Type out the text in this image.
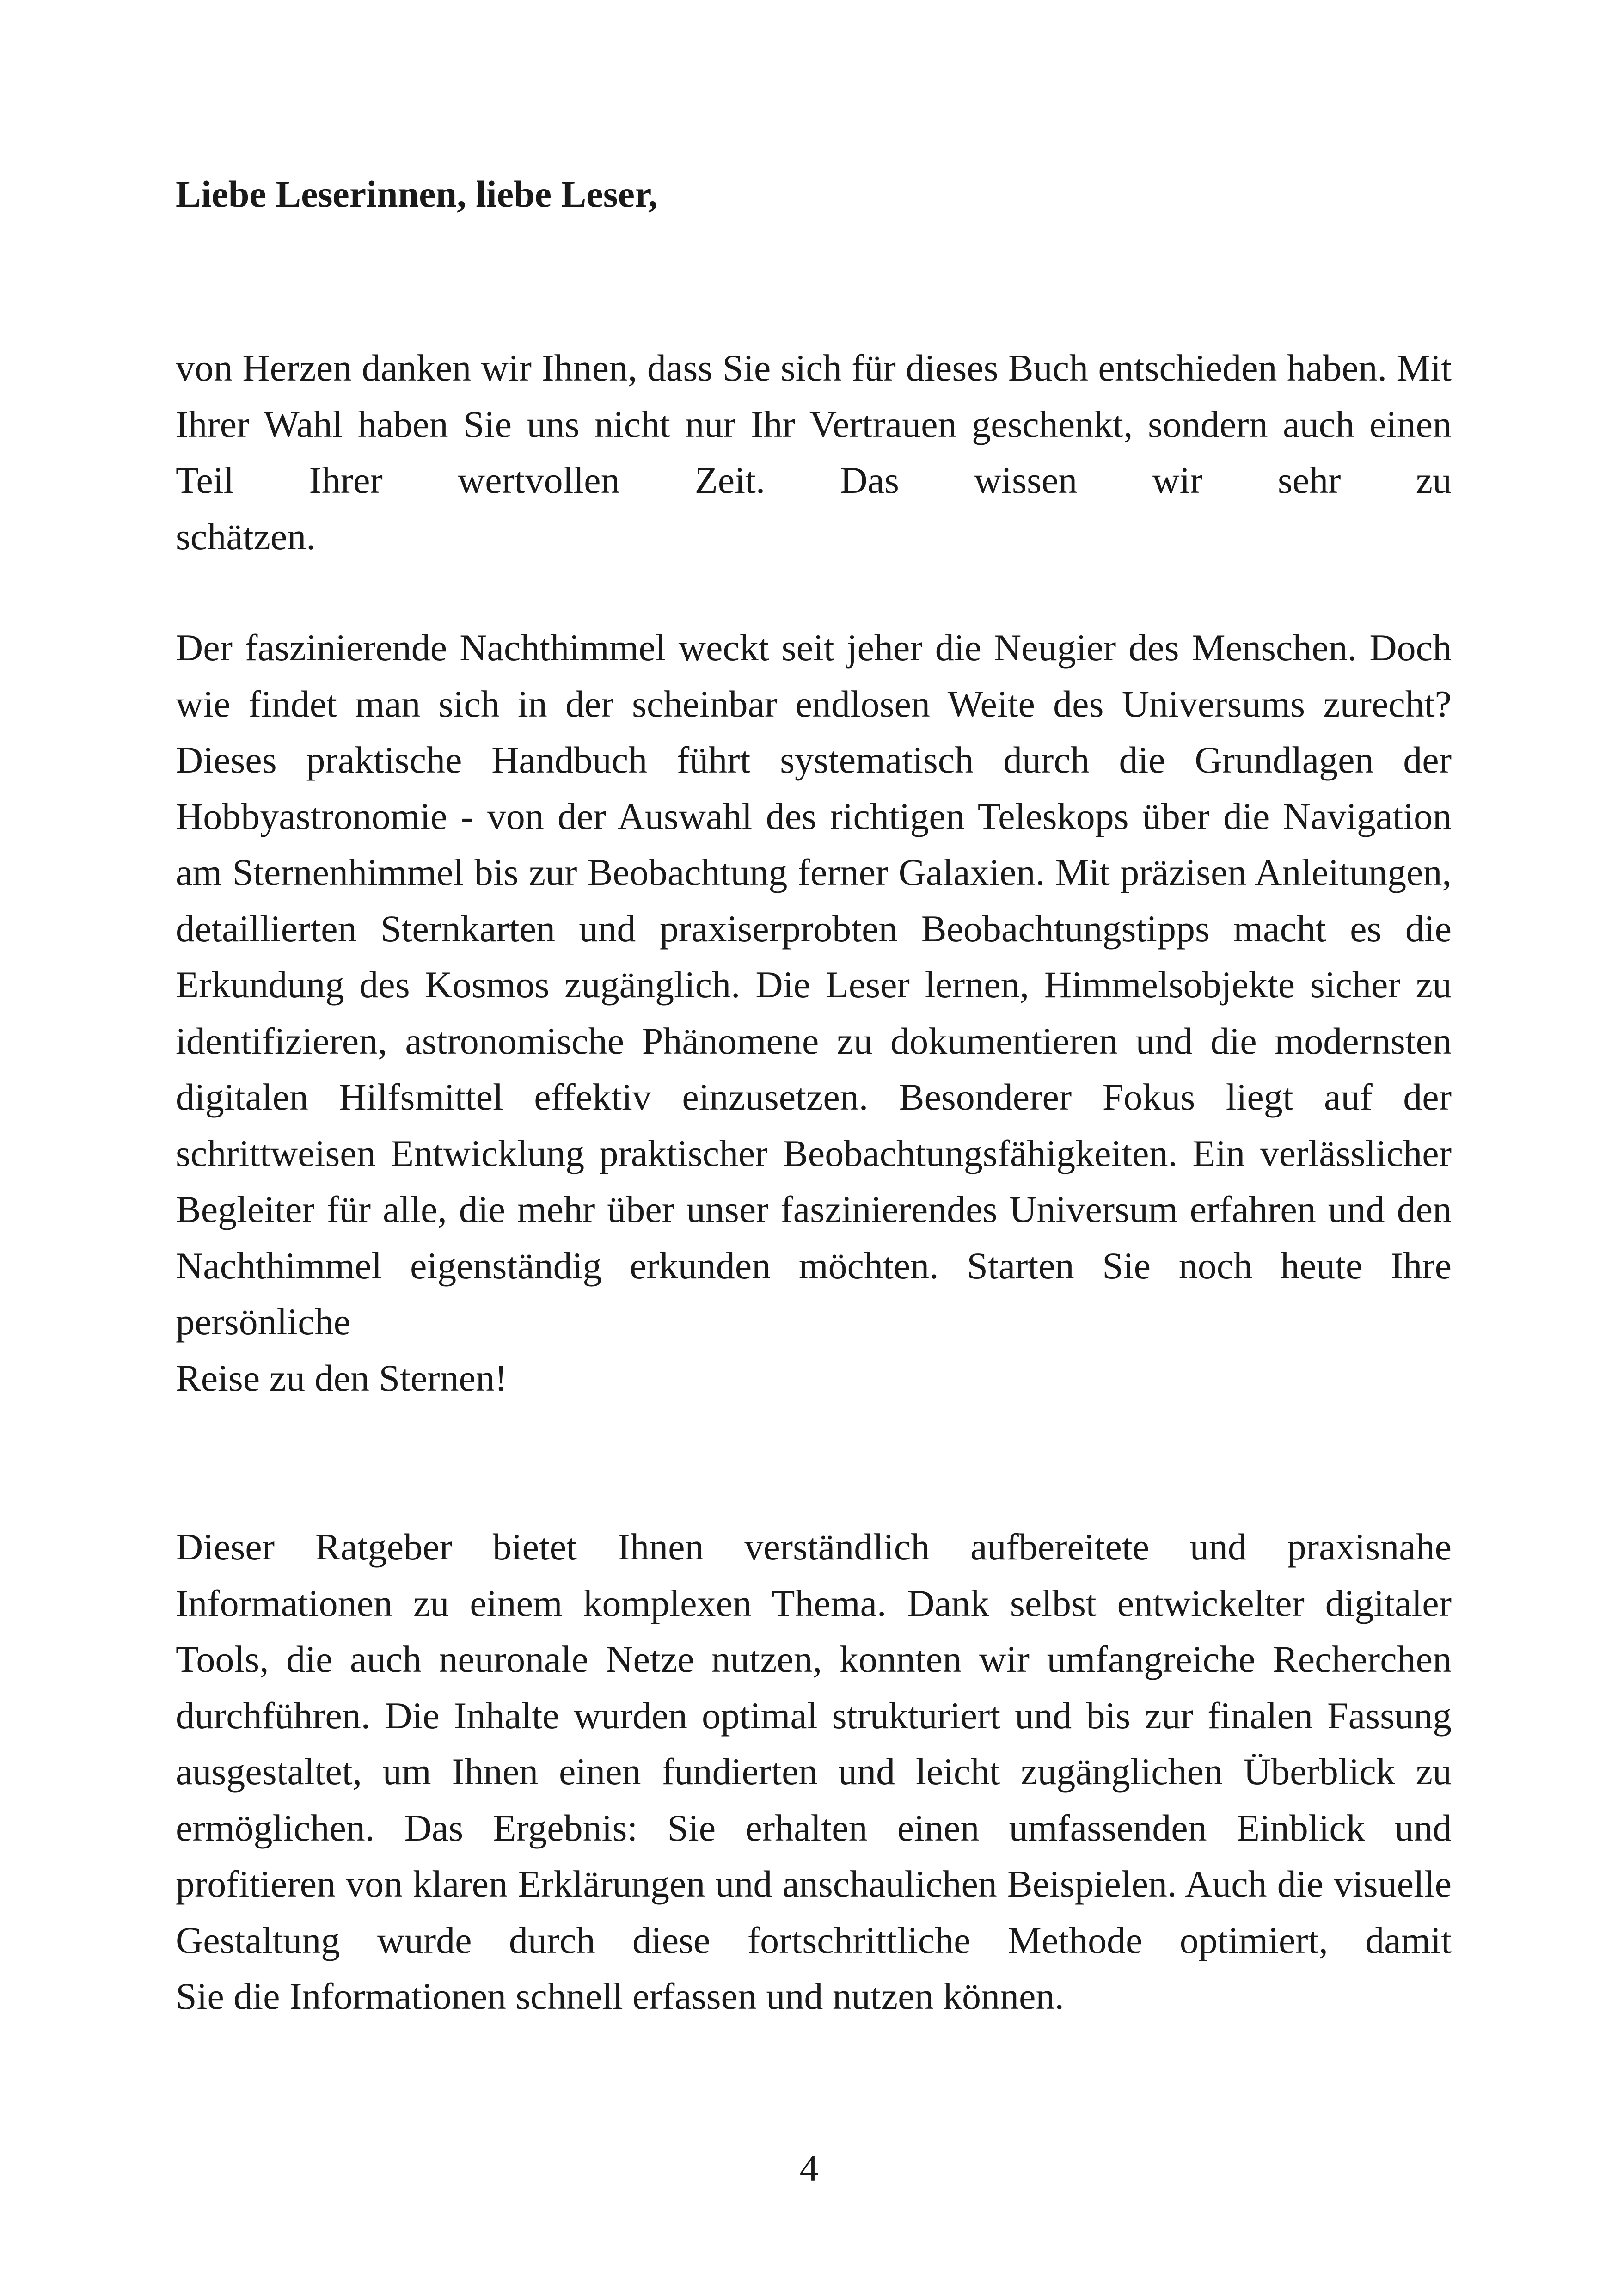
Liebe Leserinnen, liebe Leser,

von Herzen danken wir Ihnen, dass Sie sich für dieses Buch entschieden haben. Mit Ihrer Wahl haben Sie uns nicht nur Ihr Vertrauen geschenkt, sondern auch einen Teil Ihrer wertvollen Zeit. Das wissen wir sehr zu
schätzen.

Der faszinierende Nachthimmel weckt seit jeher die Neugier des Menschen. Doch wie findet man sich in der scheinbar endlosen Weite des Universums zurecht? Dieses praktische Handbuch führt systematisch durch die Grundlagen der Hobbyastronomie - von der Auswahl des richtigen Teleskops über die Navigation am Sternenhimmel bis zur Beobachtung ferner Galaxien. Mit präzisen Anleitungen, detaillierten Sternkarten und praxiserprobten Beobachtungstipps macht es die Erkundung des Kosmos zugänglich. Die Leser lernen, Himmelsobjekte sicher zu identifizieren, astronomische Phänomene zu dokumentieren und die modernsten digitalen Hilfsmittel effektiv einzusetzen. Besonderer Fokus liegt auf der schrittweisen Entwicklung praktischer Beobachtungsfähigkeiten. Ein verlässlicher Begleiter für alle, die mehr über unser faszinierendes Universum erfahren und den Nachthimmel eigenständig erkunden möchten. Starten Sie noch heute Ihre persönliche
Reise zu den Sternen!

Dieser Ratgeber bietet Ihnen verständlich aufbereitete und praxisnahe Informationen zu einem komplexen Thema. Dank selbst entwickelter digitaler Tools, die auch neuronale Netze nutzen, konnten wir umfangreiche Recherchen durchführen. Die Inhalte wurden optimal strukturiert und bis zur finalen Fassung ausgestaltet, um Ihnen einen fundierten und leicht zugänglichen Überblick zu ermöglichen. Das Ergebnis: Sie erhalten einen umfassenden Einblick und profitieren von klaren Erklärungen und anschaulichen Beispielen. Auch die visuelle Gestaltung wurde durch diese fortschrittliche Methode optimiert, damit
Sie die Informationen schnell erfassen und nutzen können.

4
